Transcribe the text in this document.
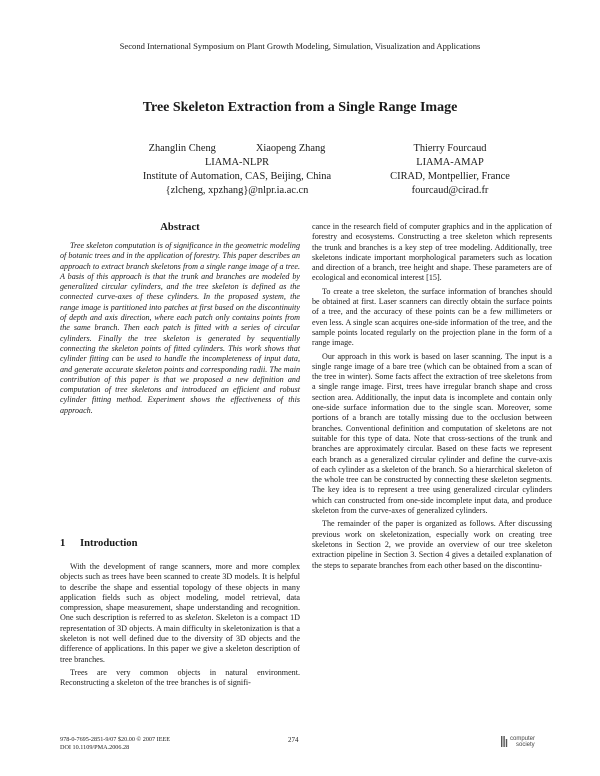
Second International Symposium on Plant Growth Modeling, Simulation, Visualization and Applications
Tree Skeleton Extraction from a Single Range Image
Zhanglin Cheng	Xiaopeng Zhang
LIAMA-NLPR
Institute of Automation, CAS, Beijing, China
{zlcheng, xpzhang}@nlpr.ia.ac.cn
Thierry Fourcaud
LIAMA-AMAP
CIRAD, Montpellier, France
fourcaud@cirad.fr
Abstract

Tree skeleton computation is of significance in the geometric modeling of botanic trees and in the application of forestry. This paper describes an approach to extract branch skeletons from a single range image of a tree. A basis of this approach is that the trunk and branches are modeled by generalized circular cylinders, and the tree skeleton is defined as the connected curve-axes of these cylinders. In the proposed system, the range image is partitioned into patches at first based on the discontinuity of depth and axis direction, where each patch only contains points from the same branch. Then each patch is fitted with a series of circular cylinders. Finally the tree skeleton is generated by sequentially connecting the skeleton points of fitted cylinders. This work shows that cylinder fitting can be used to handle the incompleteness of input data, and generate accurate skeleton points and corresponding radii. The main contribution of this paper is that we proposed a new definition and computation of tree skeletons and introduced an efficient and robust cylinder fitting method. Experiment shows the effectiveness of this approach.

1 Introduction

With the development of range scanners, more and more complex objects such as trees have been scanned to create 3D models. It is helpful to describe the shape and essential topology of these objects in many application fields such as object modeling, model retrieval, data compression, shape measurement, shape understanding and recognition. One such description is referred to as skeleton. Skeleton is a compact 1D representation of 3D objects. A main difficulty in skeletonization is that a skeleton is not well defined due to the diversity of 3D objects and the difference of applications. In this paper we give a skeleton description of tree branches.

Trees are very common objects in natural environment. Reconstructing a skeleton of the tree branches is of signifi-

cance in the research field of computer graphics and in the application of forestry and ecosystems. Constructing a tree skeleton which represents the trunk and branches is a key step of tree modeling. Additionally, tree skeletons indicate important morphological parameters such as location and direction of a branch, tree height and shape. These parameters are of ecological and economical interest [15].

To create a tree skeleton, the surface information of branches should be obtained at first. Laser scanners can directly obtain the surface points of a tree, and the accuracy of these points can be a few millimeters or even less. A single scan acquires one-side information of the tree, and the sample points located regularly on the projection plane in the form of a range image.

Our approach in this work is based on laser scanning. The input is a single range image of a bare tree (which can be obtained from a scan of the tree in winter). Some facts affect the extraction of tree skeletons from a single range image. First, trees have irregular branch shape and cross section area. Additionally, the input data is incomplete and contain only one-side surface information due to the single scan. Moreover, some portions of a branch are totally missing due to the occlusion between branches. Conventional definition and computation of skeletons are not suitable for this type of data. Note that cross-sections of the trunk and branches are approximately circular. Based on these facts we represent each branch as a generalized circular cylinder and define the curve-axis of each cylinder as a skeleton of the branch. So a hierarchical skeleton of the whole tree can be constructed by connecting these skeleton segments. The key idea is to represent a tree using generalized circular cylinders which can constructed from one-side incomplete input data, and produce skeleton from the curve-axes of generalized cylinders.

The remainder of the paper is organized as follows. After discussing previous work on skeletonization, especially work on creating tree skeletons in Section 2, we provide an overview of our tree skeleton extraction pipeline in Section 3. Section 4 gives a detailed explanation of the steps to separate branches from each other based on the discontinu-

978-0-7695-2851-9/07 $20.00 © 2007 IEEE
DOI 10.1109/PMA.2006.28
274	computer
society
